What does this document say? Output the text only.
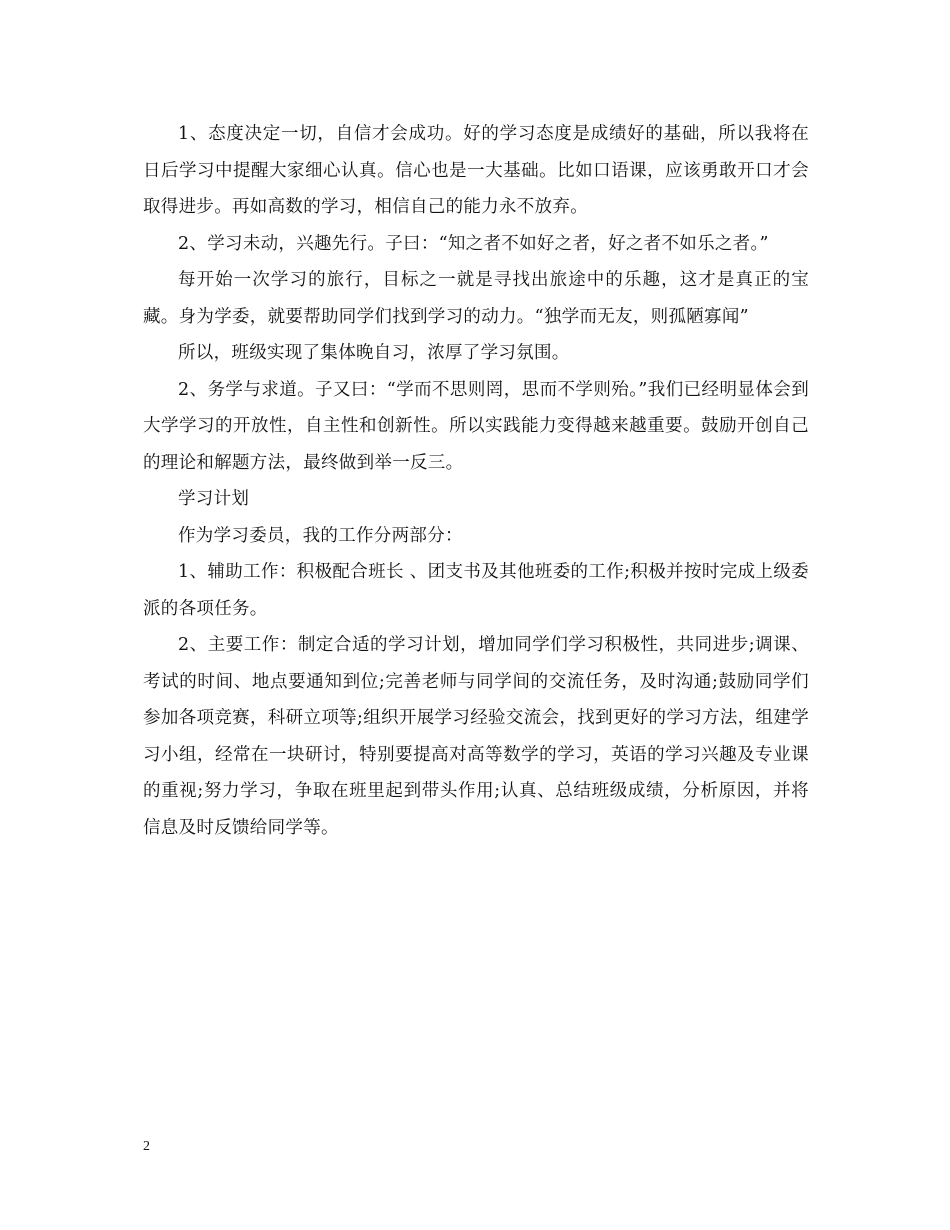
1、态度决定一切，自信才会成功。好的学习态度是成绩好的基础，所以我将在日后学习中提醒大家细心认真。信心也是一大基础。比如口语课，应该勇敢开口才会取得进步。再如高数的学习，相信自己的能力永不放弃。

2、学习未动，兴趣先行。子曰：“知之者不如好之者，好之者不如乐之者。”

每开始一次学习的旅行，目标之一就是寻找出旅途中的乐趣，这才是真正的宝藏。身为学委，就要帮助同学们找到学习的动力。“独学而无友，则孤陋寡闻”

所以，班级实现了集体晚自习，浓厚了学习氛围。

2、务学与求道。子又曰：“学而不思则罔，思而不学则殆。”我们已经明显体会到大学学习的开放性，自主性和创新性。所以实践能力变得越来越重要。鼓励开创自己的理论和解题方法，最终做到举一反三。

学习计划

作为学习委员，我的工作分两部分：

1、辅助工作：积极配合班长 、团支书及其他班委的工作;积极并按时完成上级委派的各项任务。

2、主要工作：制定合适的学习计划，增加同学们学习积极性，共同进步;调课、考试的时间、地点要通知到位;完善老师与同学间的交流任务，及时沟通;鼓励同学们参加各项竞赛，科研立项等;组织开展学习经验交流会，找到更好的学习方法，组建学习小组，经常在一块研讨，特别要提高对高等数学的学习，英语的学习兴趣及专业课的重视;努力学习，争取在班里起到带头作用;认真、总结班级成绩，分析原因，并将信息及时反馈给同学等。

2
